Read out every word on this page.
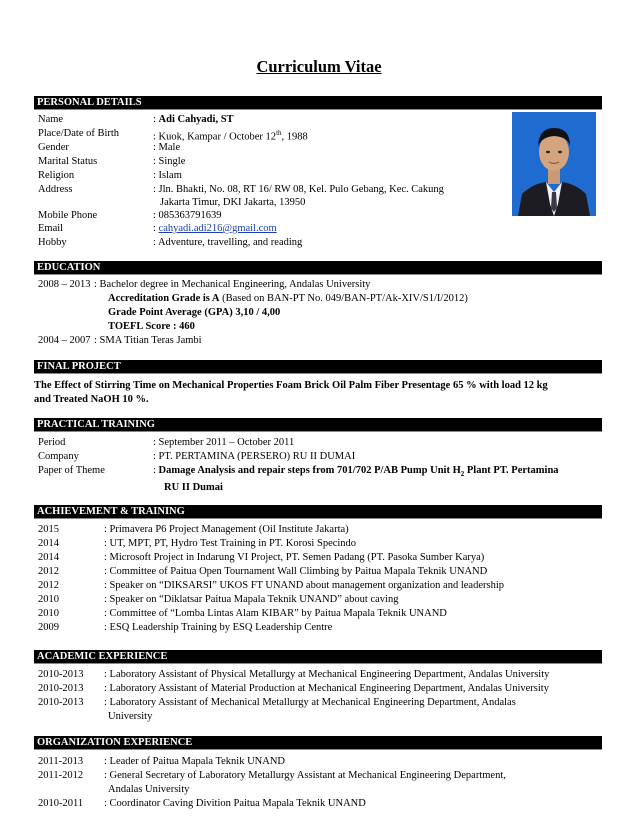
Curriculum Vitae
PERSONAL DETAILS
Name	: Adi Cahyadi, ST
Place/Date of Birth	: Kuok, Kampar / October 12th, 1988
Gender	: Male
Marital Status	: Single
Religion	: Islam
Address	: Jln. Bhakti, No. 08, RT 16/ RW 08, Kel. Pulo Gebang, Kec. Cakung
Jakarta Timur, DKI Jakarta, 13950
Mobile Phone	: 085363791639
Email	: cahyadi.adi216@gmail.com
Hobby	: Adventure, travelling, and reading
EDUCATION
2008 – 2013 : Bachelor degree in Mechanical Engineering, Andalas University
Accreditation Grade is A (Based on BAN-PT No. 049/BAN-PT/Ak-XIV/S1/I/2012)
Grade Point Average (GPA) 3,10 / 4,00
TOEFL Score : 460
2004 – 2007 : SMA Titian Teras Jambi
FINAL PROJECT
The Effect of Stirring Time on Mechanical Properties Foam Brick Oil Palm Fiber Presentage 65 % with load 12 kg
and Treated NaOH 10 %.
PRACTICAL TRAINING
Period	: September 2011 – October 2011
Company	: PT. PERTAMINA (PERSERO) RU II DUMAI
Paper of Theme	: Damage Analysis and repair steps from 701/702 P/AB Pump Unit $H_2$ Plant PT. Pertamina
RU II Dumai
ACHIEVEMENT & TRAINING
2015	: Primavera P6 Project Management (Oil Institute Jakarta)
2014	: UT, MPT, PT, Hydro Test Training in PT. Korosi Specindo
2014	: Microsoft Project in Indarung VI Project, PT. Semen Padang (PT. Pasoka Sumber Karya)
2012	: Committee of Paitua Open Tournament Wall Climbing by Paitua Mapala Teknik UNAND
2012	: Speaker on “DIKSARSI” UKOS FT UNAND about management organization and leadership
2010	: Speaker on “Diklatsar Paitua Mapala Teknik UNAND” about caving
2010	: Committee of “Lomba Lintas Alam KIBAR” by Paitua Mapala Teknik UNAND
2009	: ESQ Leadership Training by ESQ Leadership Centre
ACADEMIC EXPERIENCE
2010-2013 : Laboratory Assistant of Physical Metallurgy at Mechanical Engineering Department, Andalas University
2010-2013 : Laboratory Assistant of Material Production at Mechanical Engineering Department, Andalas University
2010-2013 : Laboratory Assistant of Mechanical Metallurgy at Mechanical Engineering Department, Andalas
University
ORGANIZATION EXPERIENCE
2011-2013 : Leader of Paitua Mapala Teknik UNAND
2011-2012 : General Secretary of Laboratory Metallurgy Assistant at Mechanical Engineering Department,
Andalas University
2010-2011 : Coordinator Caving Divition Paitua Mapala Teknik UNAND
